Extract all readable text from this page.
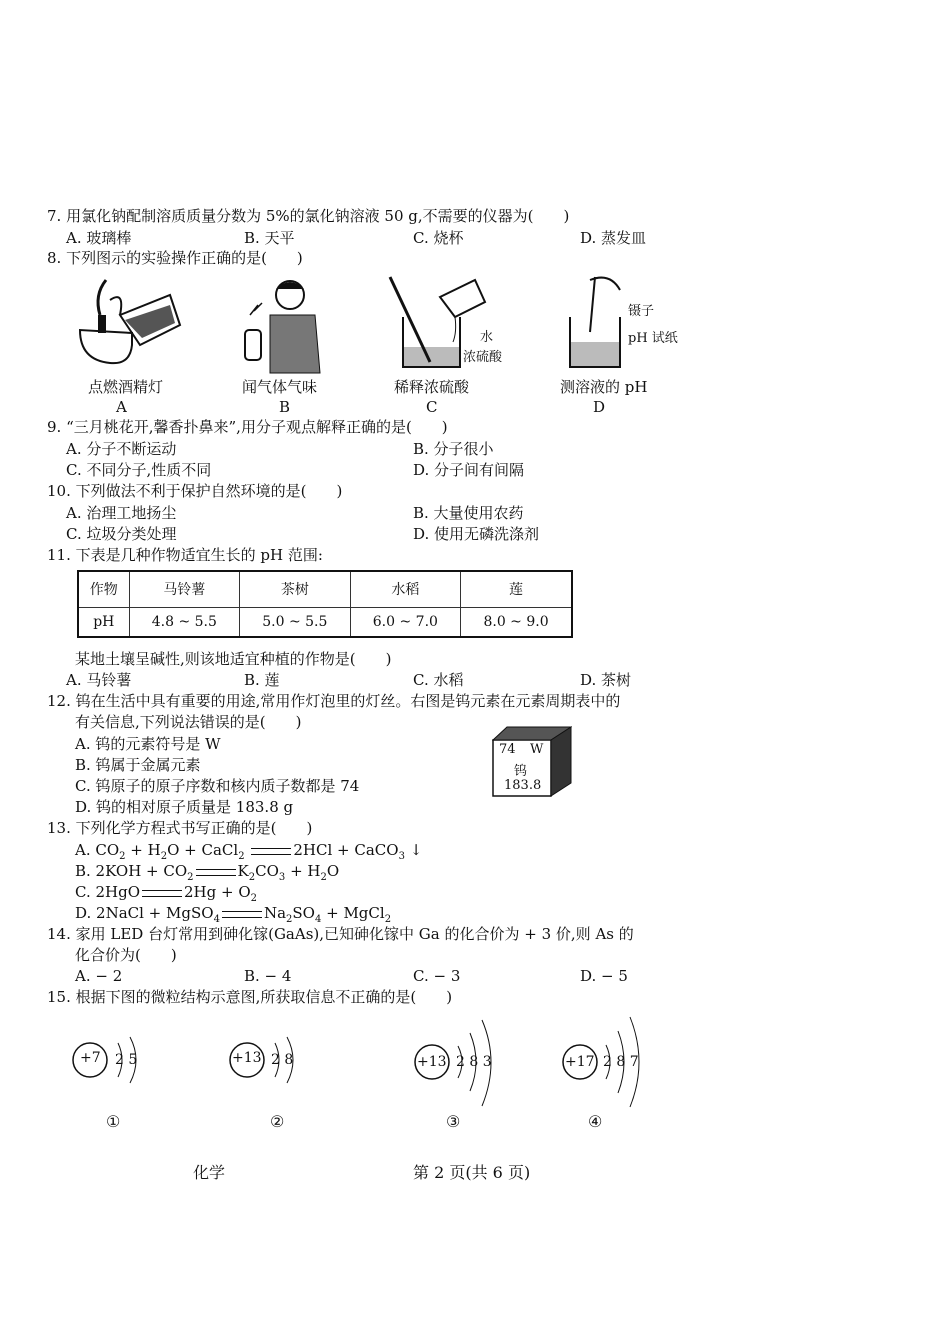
7. 用氯化钠配制溶质质量分数为 5%的氯化钠溶液 50 g,不需要的仪器为(　　)
A. 玻璃棒	B. 天平	C. 烧杯	D. 蒸发皿
8. 下列图示的实验操作正确的是(　　)
水
浓硫酸
镊子
pH 试纸
点燃酒精灯	闻气体气味	稀释浓硫酸	测溶液的 pH
A	B	C	D
9. “三月桃花开,馨香扑鼻来”,用分子观点解释正确的是(　　)
A. 分子不断运动	B. 分子很小
C. 不同分子,性质不同	D. 分子间有间隔
10. 下列做法不利于保护自然环境的是(　　)
A. 治理工地扬尘	B. 大量使用农药
C. 垃圾分类处理	D. 使用无磷洗涤剂
11. 下表是几种作物适宜生长的 pH 范围:
作物	马铃薯	茶树	水稻	莲
pH	4.8 ~ 5.5	5.0 ~ 5.5	6.0 ~ 7.0	8.0 ~ 9.0
某地土壤呈碱性,则该地适宜种植的作物是(　　)
A. 马铃薯	B. 莲	C. 水稻	D. 茶树
12. 钨在生活中具有重要的用途,常用作灯泡里的灯丝。右图是钨元素在元素周期表中的
有关信息,下列说法错误的是(　　)
A. 钨的元素符号是 W
B. 钨属于金属元素
C. 钨原子的原子序数和核内质子数都是 74
D. 钨的相对原子质量是 183.8 g
74 W
钨
183.8
13. 下列化学方程式书写正确的是(　　)
A. $CO_2 + H_2O$ + CaCl$_2$	2HCl + CaCO$_3$ ↓
B. $2KOH + CO_2$	$K_2CO_3 + H_2O$
C. 2HgO	$2Hg + O_2$
D. 2NaCl + MgSO$_4$	$Na_2SO_4$ + MgCl$_2$
14. 家用 LED 台灯常用到砷化镓(GaAs),已知砷化镓中 Ga 的化合价为 + 3 价,则 As 的
化合价为(　　)
A. − 2	B. − 4	C. − 3	D. − 5
15. 根据下图的微粒结构示意图,所获取信息不正确的是(　　)
+7 2 5
①
+13 2 8
②
+13 2 8 3
③
+17 2 8 7
④
化学	第 2 页(共 6 页)
